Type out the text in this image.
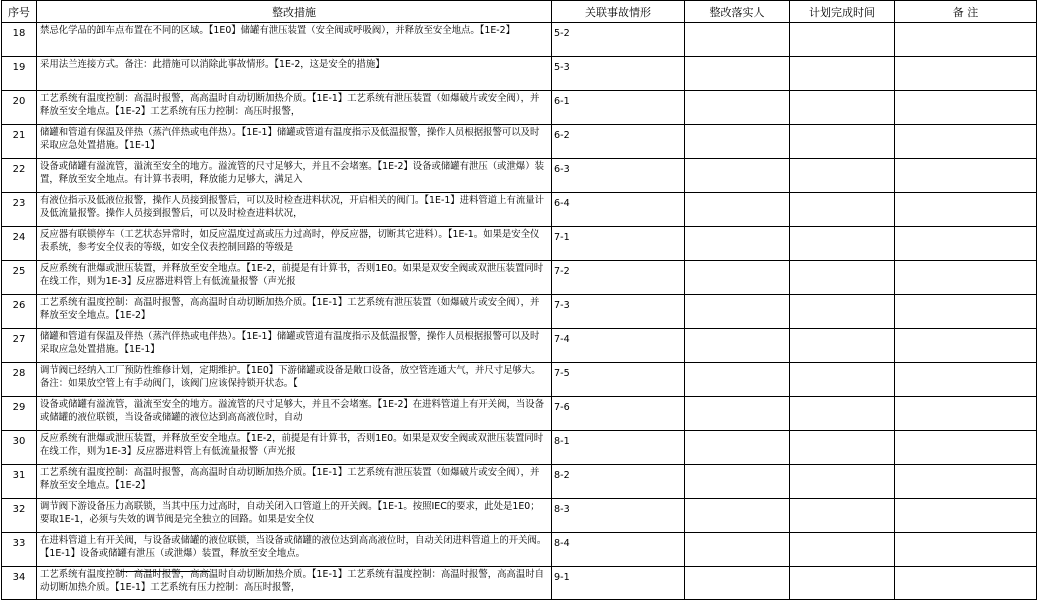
序号	整改措施	关联事故情形	整改落实人	计划完成时间	备 注
18	禁忌化学品的卸车点布置在不同的区域。【1E0】储罐有泄压装置（安全阀或呼吸阀），并释放至安全地点。【1E-2】	5-2			
19	采用法兰连接方式。备注：此措施可以消除此事故情形。【1E-2，这是安全的措施】	5-3			
20	工艺系统有温度控制：高温时报警，高高温时自动切断加热介质。【1E-1】工艺系统有泄压装置（如爆破片或安全阀），并释放至安全地点。【1E-2】工艺系统有压力控制：高压时报警，	6-1			
21	储罐和管道有保温及伴热（蒸汽伴热或电伴热）。【1E-1】储罐或管道有温度指示及低温报警，操作人员根据报警可以及时采取应急处置措施。【1E-1】	6-2			
22	设备或储罐有溢流管，溢流至安全的地方。溢流管的尺寸足够大，并且不会堵塞。【1E-2】设备或储罐有泄压（或泄爆）装置，释放至安全地点。有计算书表明，释放能力足够大，满足入	6-3			
23	有液位指示及低液位报警，操作人员接到报警后，可以及时检查进料状况，开启相关的阀门。【1E-1】进料管道上有流量计及低流量报警。操作人员接到报警后，可以及时检查进料状况，	6-4			
24	反应器有联锁停车（工艺状态异常时，如反应温度过高或压力过高时，停反应器，切断其它进料）。【1E-1。如果是安全仪表系统，参考安全仪表的等级，如安全仪表控制回路的等级是	7-1			
25	反应系统有泄爆或泄压装置，并释放至安全地点。【1E-2，前提是有计算书，否则1E0。如果是双安全阀或双泄压装置同时在线工作，则为1E-3】反应器进料管上有低流量报警（声光报	7-2			
26	工艺系统有温度控制：高温时报警，高高温时自动切断加热介质。【1E-1】工艺系统有泄压装置（如爆破片或安全阀），并释放至安全地点。【1E-2】	7-3			
27	储罐和管道有保温及伴热（蒸汽伴热或电伴热）。【1E-1】储罐或管道有温度指示及低温报警，操作人员根据报警可以及时采取应急处置措施。【1E-1】	7-4			
28	调节阀已经纳入工厂预防性维修计划，定期维护。【1E0】下游储罐或设备是敞口设备，放空管连通大气，并尺寸足够大。备注：如果放空管上有手动阀门，该阀门应该保持锁开状态。【	7-5			
29	设备或储罐有溢流管，溢流至安全的地方。溢流管的尺寸足够大，并且不会堵塞。【1E-2】在进料管道上有开关阀，当设备或储罐的液位联锁，当设备或储罐的液位达到高高液位时，自动	7-6			
30	反应系统有泄爆或泄压装置，并释放至安全地点。【1E-2，前提是有计算书，否则1E0。如果是双安全阀或双泄压装置同时在线工作，则为1E-3】反应器进料管上有低流量报警（声光报	8-1			
31	工艺系统有温度控制：高温时报警，高高温时自动切断加热介质。【1E-1】工艺系统有泄压装置（如爆破片或安全阀），并释放至安全地点。【1E-2】	8-2			
32	调节阀下游设备压力高联锁，当其中压力过高时，自动关闭入口管道上的开关阀。【1E-1。按照IEC的要求，此处是1E0；要取1E-1，必须与失效的调节阀是完全独立的回路。如果是安全仪	8-3			
33	在进料管道上有开关阀，与设备或储罐的液位联锁，当设备或储罐的液位达到高高液位时，自动关闭进料管道上的开关阀。【1E-1】设备或储罐有泄压（或泄爆）装置，释放至安全地点。	8-4			
34	工艺系统有温度控制：高温时报警，高高温时自动切断加热介质。【1E-1】工艺系统有温度控制：高温时报警，高高温时自动切断加热介质。【1E-1】工艺系统有压力控制：高压时报警，	9-1			
